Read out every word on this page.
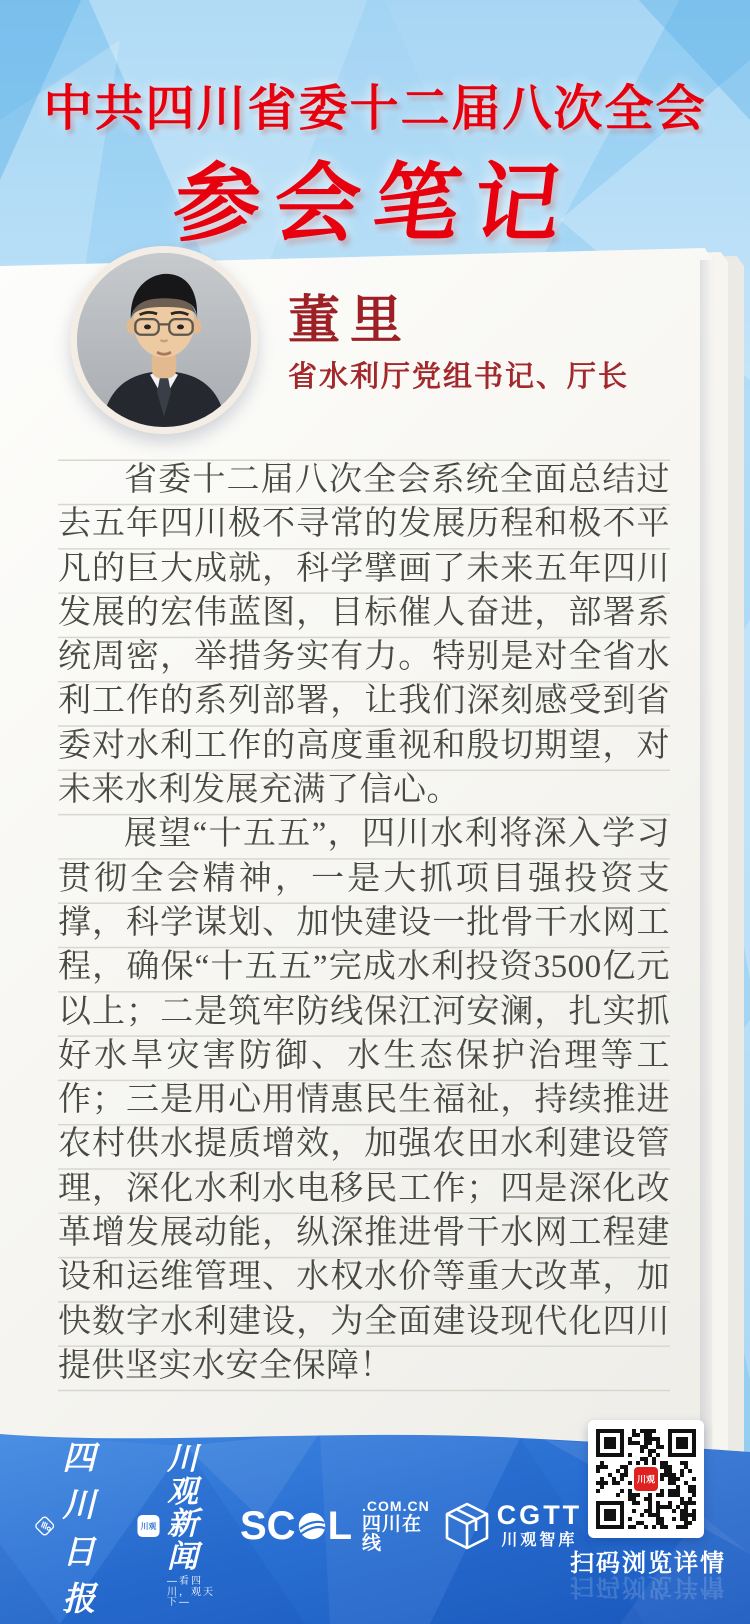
中共四川省委十二届八次全会
参会笔记
董里
省水利厅党组书记、厅长

省委十二届八次全会系统全面总结过去五年四川极不寻常的发展历程和极不平凡的巨大成就，科学擘画了未来五年四川发展的宏伟蓝图，目标催人奋进，部署系统周密，举措务实有力。特别是对全省水利工作的系列部署，让我们深刻感受到省委对水利工作的高度重视和殷切期望，对未来水利发展充满了信心。

展望“十五五”，四川水利将深入学习贯彻全会精神，一是大抓项目强投资支撑，科学谋划、加快建设一批骨干水网工程，确保“十五五”完成水利投资3500亿元以上；二是筑牢防线保江河安澜，扎实抓好水旱灾害防御、水生态保护治理等工作；三是用心用情惠民生福祉，持续推进农村供水提质增效，加强农田水利建设管理，深化水利水电移民工作；四是深化改革增发展动能，纵深推进骨干水网工程建设和运维管理、水权水价等重大改革，加快数字水利建设，为全面建设现代化四川提供坚实水安全保障！

四川日报
川观
川观新闻
—看四川，观天下—
SC L .COM.CN
四川在线
CGTT
川观智库
川观
扫码浏览详情
扫码浏览详情
